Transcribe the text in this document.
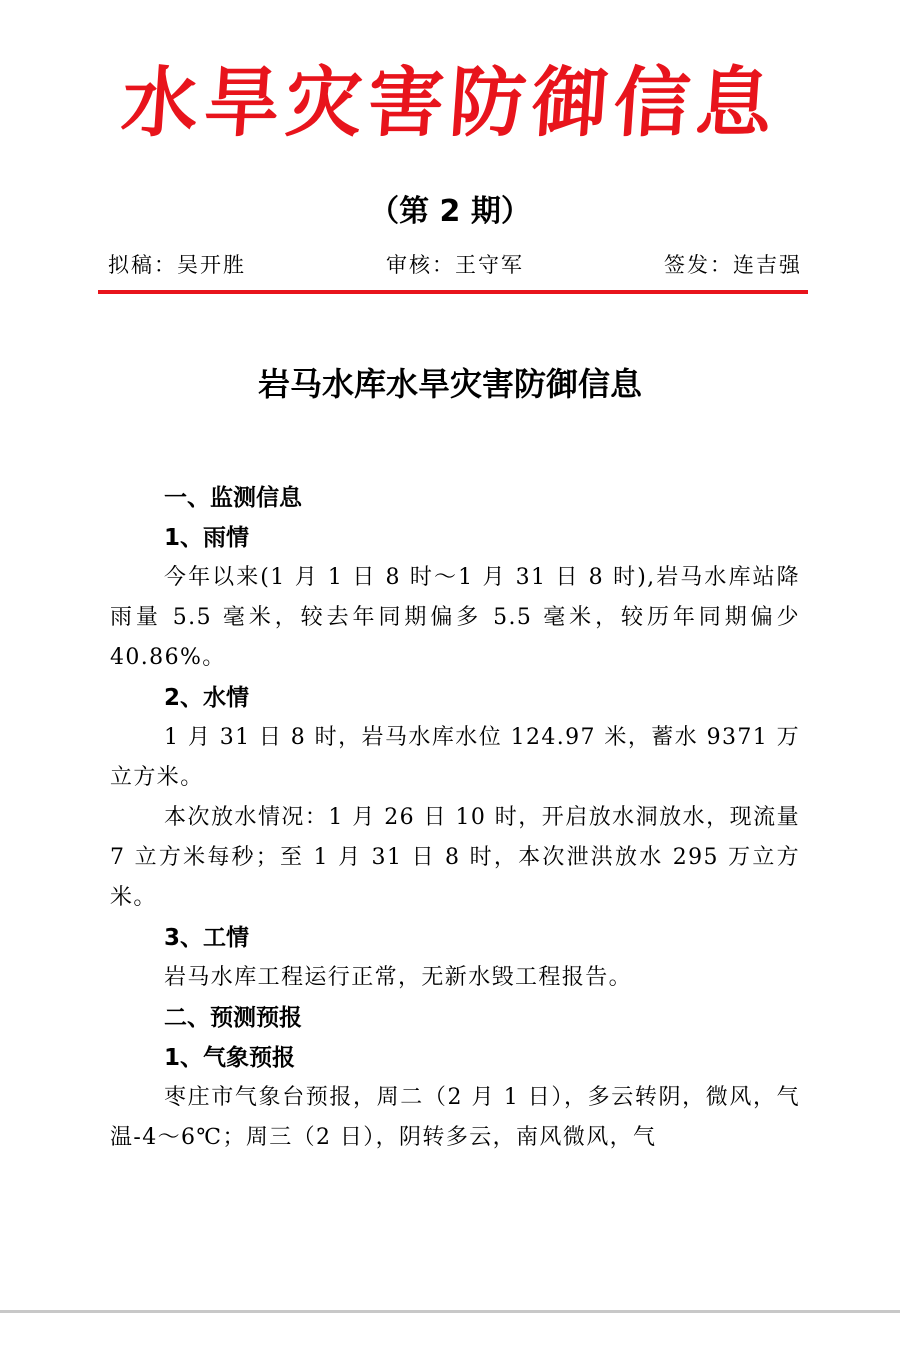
水旱灾害防御信息
（第 2 期）
拟稿：吴开胜	审核：王守军	签发：连吉强
岩马水库水旱灾害防御信息
一、监测信息
1、雨情
今年以来(1 月 1 日 8 时～1 月 31 日 8 时),岩马水库站降雨量 5.5 毫米，较去年同期偏多 5.5 毫米，较历年同期偏少 40.86%。
2、水情
1 月 31 日 8 时，岩马水库水位 124.97 米，蓄水 9371 万立方米。
本次放水情况：1 月 26 日 10 时，开启放水洞放水，现流量 7 立方米每秒；至 1 月 31 日 8 时，本次泄洪放水 295 万立方米。
3、工情
岩马水库工程运行正常，无新水毁工程报告。
二、预测预报
1、气象预报
枣庄市气象台预报，周二（2 月 1 日），多云转阴，微风，气温-4～6℃；周三（2 日），阴转多云，南风微风，气
